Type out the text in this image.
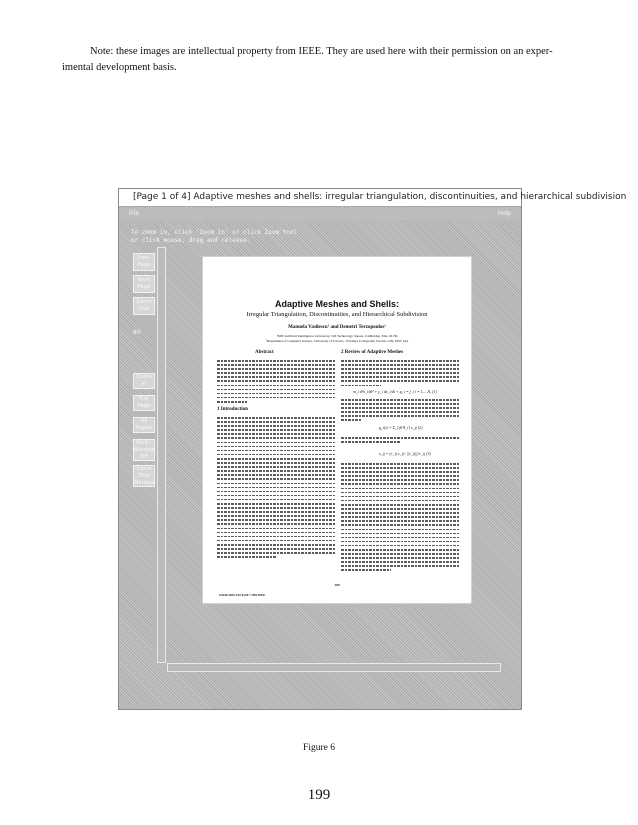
Note: these images are intellectual property from IEEE. They are used here with their permission on an exper-
imental development basis.
[Page 1 of 4] Adaptive meshes and shells: irregular triangulation, discontinuities, and hierarchical subdivision
File	Help
To zoom in, click 'Zoom in' or click Zoom tool
or click mouse, drag and release.
Prev. Page
Next Page
Zoom Out
80
Zoom In
Full Page
All Pages
Multi-Window Off
Close This Window
Adaptive Meshes and Shells:
Irregular Triangulation, Discontinuities, and Hierarchical Subdivision
Manuela Vasilescu¹ and Demetri Terzopoulos¹
¹MIT Artificial Intelligence Laboratory, 545 Technology Square, Cambridge, MA, 02139
²Department of Computer Science, University of Toronto, 10 King's College Rd, Toronto, ON, M5S 1A4
Abstract	2 Review of Adaptive Meshes
1 Introduction
m_i d²x_i/dt² + γ_i dx_i/dt + g_i = f_i i = 1,...,N, (1)
g_i(t) = Σ_{j∈N_i} s_ij (2)
s_ij = (c_ij e_ij / ||r_ij||) r_ij (3)
109
0-8186-2855-3/92 $3.00 ©1992 IEEE
Figure 6
199
